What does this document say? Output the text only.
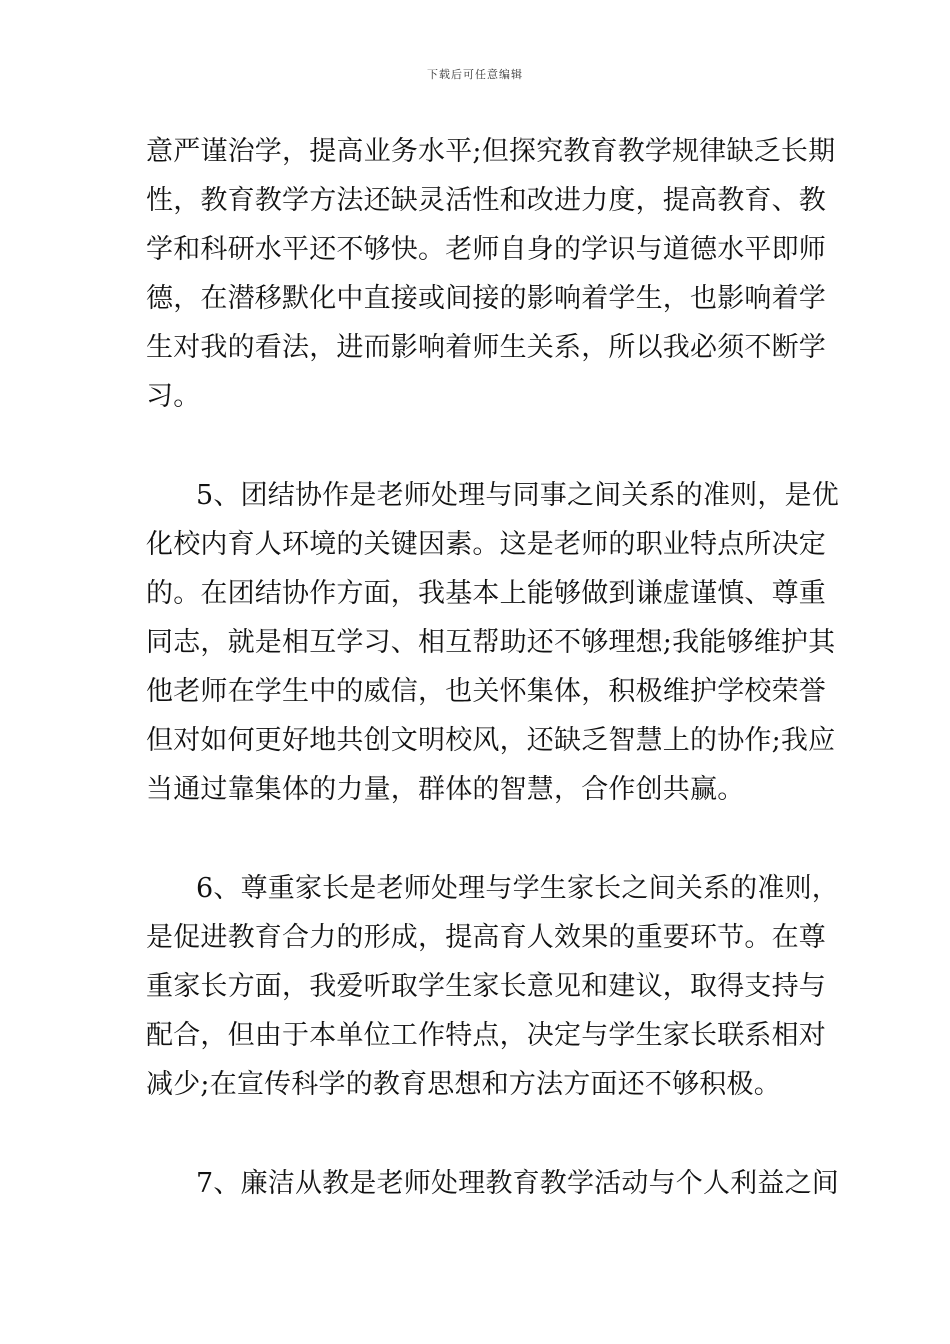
下载后可任意编辑
意严谨治学，提高业务水平;但探究教育教学规律缺乏长期
性，教育教学方法还缺灵活性和改进力度，提高教育、教
学和科研水平还不够快。老师自身的学识与道德水平即师
德，在潜移默化中直接或间接的影响着学生，也影响着学
生对我的看法，进而影响着师生关系，所以我必须不断学
习。
5、团结协作是老师处理与同事之间关系的准则，是优
化校内育人环境的关键因素。这是老师的职业特点所决定
的。在团结协作方面，我基本上能够做到谦虚谨慎、尊重
同志，就是相互学习、相互帮助还不够理想;我能够维护其
他老师在学生中的威信，也关怀集体，积极维护学校荣誉
但对如何更好地共创文明校风，还缺乏智慧上的协作;我应
当通过靠集体的力量，群体的智慧，合作创共赢。
6、尊重家长是老师处理与学生家长之间关系的准则，
是促进教育合力的形成，提高育人效果的重要环节。在尊
重家长方面，我爱听取学生家长意见和建议，取得支持与
配合，但由于本单位工作特点，决定与学生家长联系相对
减少;在宣传科学的教育思想和方法方面还不够积极。
7、廉洁从教是老师处理教育教学活动与个人利益之间
